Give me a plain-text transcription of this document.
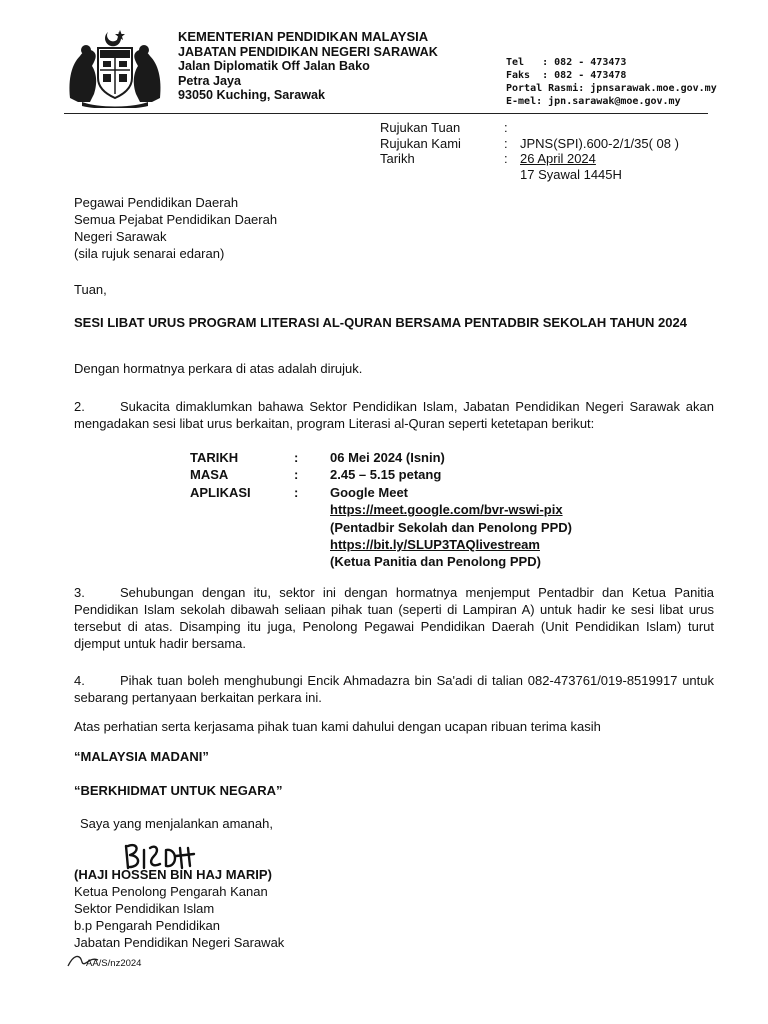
KEMENTERIAN PENDIDIKAN MALAYSIA
JABATAN PENDIDIKAN NEGERI SARAWAK
Jalan Diplomatik Off Jalan Bako
Petra Jaya
93050 Kuching, Sarawak
Tel   : 082 - 473473
Faks  : 082 - 473478
Portal Rasmi: jpnsarawak.moe.gov.my
E-mel: jpn.sarawak@moe.gov.my
Rujukan Tuan	:
Rujukan Kami	: JPNS(SPI).600-2/1/35( 08 )
Tarikh	: 26 April 2024
17 Syawal 1445H
Pegawai Pendidikan Daerah
Semua Pejabat Pendidikan Daerah
Negeri Sarawak
(sila rujuk senarai edaran)
Tuan,
SESI LIBAT URUS PROGRAM LITERASI AL-QURAN BERSAMA PENTADBIR SEKOLAH TAHUN 2024
Dengan hormatnya perkara di atas adalah dirujuk.
2.	Sukacita dimaklumkan bahawa Sektor Pendidikan Islam, Jabatan Pendidikan Negeri Sarawak akan mengadakan sesi libat urus berkaitan, program Literasi al-Quran seperti ketetapan berikut:
TARIKH	: 06 Mei 2024 (Isnin)
MASA	: 2.45 – 5.15 petang
APLIKASI	: Google Meet
https://meet.google.com/bvr-wswi-pix
(Pentadbir Sekolah dan Penolong PPD)
https://bit.ly/SLUP3TAQlivestream
(Ketua Panitia dan Penolong PPD)
3.	Sehubungan dengan itu, sektor ini dengan hormatnya menjemput Pentadbir dan Ketua Panitia Pendidikan Islam sekolah dibawah seliaan pihak tuan (seperti di Lampiran A) untuk hadir ke sesi libat urus tersebut di atas. Disamping itu juga, Penolong Pegawai Pendidikan Daerah (Unit Pendidikan Islam) turut djemput untuk hadir bersama.
4.	Pihak tuan boleh menghubungi Encik Ahmadazra bin Sa'adi di talian 082-473761/019-8519917 untuk sebarang pertanyaan berkaitan perkara ini.
Atas perhatian serta kerjasama pihak tuan kami dahului dengan ucapan ribuan terima kasih
“MALAYSIA MADANI”
“BERKHIDMAT UNTUK NEGARA”
Saya yang menjalankan amanah,
(HAJI HOSSEN BIN HAJ MARIP)
Ketua Penolong Pengarah Kanan
Sektor Pendidikan Islam
b.p Pengarah Pendidikan
Jabatan Pendidikan Negeri Sarawak
AA/S/nz2024
